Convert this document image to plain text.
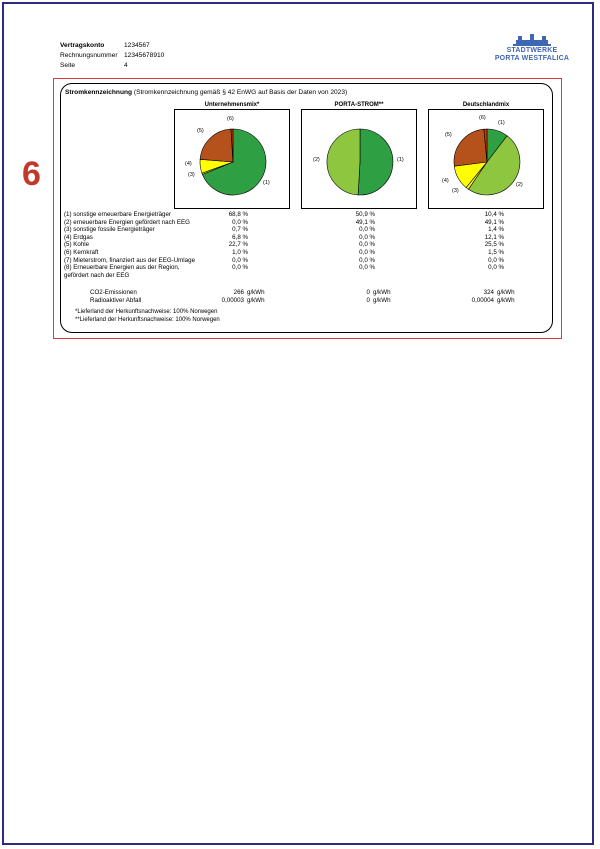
Vertragskonto	1234567
Rechnungsnummer 12345678910
Seite	4
STADTWERKE
PORTA WESTFALICA
6
Stromkennzeichnung (Stromkennzeichnung gemäß § 42 EnWG auf Basis der Daten von 2023)
Unternehmensmix*
(1)
(5)
(6)
(4)
(3)
PORTA-STROM**
(1)
(2)
Deutschlandmix
(1)
(2)
(3)
(4)
(5)
(6)
(1) sonstige erneuerbare Energieträger	68,8 %	50,9 %	10,4 %
(2) erneuerbare Energien gefördert nach EEG	0,0 %	49,1 %	49,1 %
(3) sonstige fossile Energieträger	0,7 %	0,0 %	1,4 %
(4) Erdgas	6,8 %	0,0 %	12,1 %
(5) Kohle	22,7 %	0,0 %	25,5 %
(6) Kernkraft	1,0 %	0,0 %	1,5 %
(7) Mieterstrom, finanziert aus der EEG-Umlage	0,0 %	0,0 %	0,0 %
(8) Erneuerbare Energien aus der Region,	0,0 %	0,0 %	0,0 %
gefördert nach der EEG
CO2-Emissionen	266 g/kWh	0 g/kWh	324 g/kWh
Radioaktiver Abfall	0,00003 g/kWh	0 g/kWh	0,00004 g/kWh
*Lieferland der Herkunftsnachweise: 100% Norwegen
**Lieferland der Herkunftsnachweise: 100% Norwegen
